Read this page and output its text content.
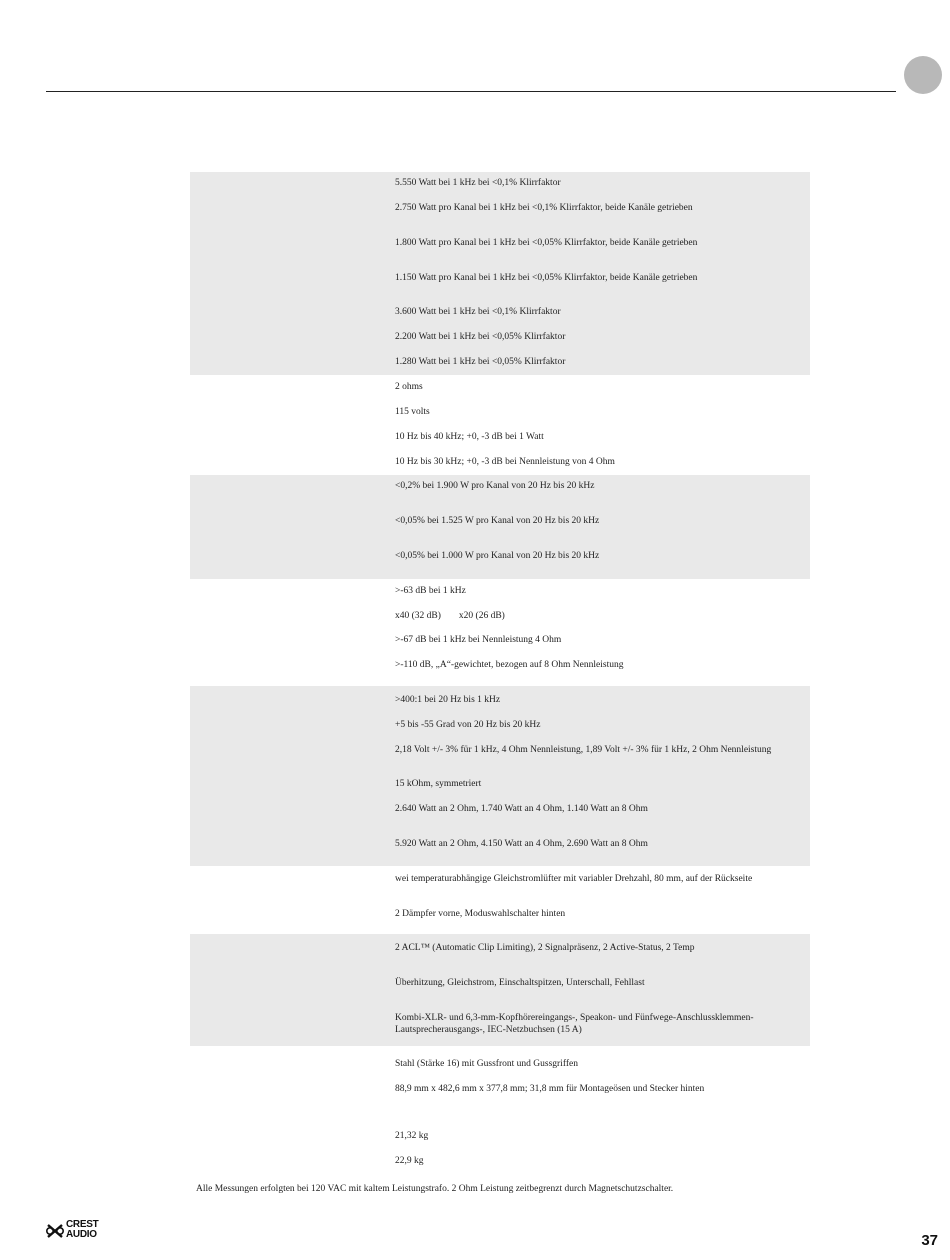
5.550 Watt bei 1 kHz bei <0,1% Klirrfaktor
2.750 Watt pro Kanal bei 1 kHz bei <0,1% Klirrfaktor, beide Kanäle getrieben
1.800 Watt pro Kanal bei 1 kHz bei <0,05% Klirrfaktor, beide Kanäle getrieben
1.150 Watt pro Kanal bei 1 kHz bei <0,05% Klirrfaktor, beide Kanäle getrieben
3.600 Watt bei 1 kHz bei <0,1% Klirrfaktor
2.200 Watt bei 1 kHz bei <0,05% Klirrfaktor
1.280 Watt bei 1 kHz bei <0,05% Klirrfaktor
2 ohms
115 volts
10 Hz bis 40 kHz; +0, -3 dB bei 1 Watt
10 Hz bis 30 kHz; +0, -3 dB bei Nennleistung von 4 Ohm
<0,2% bei 1.900 W pro Kanal von 20 Hz bis 20 kHz
<0,05% bei 1.525 W pro Kanal von 20 Hz bis 20 kHz
<0,05% bei 1.000 W pro Kanal von 20 Hz bis 20 kHz
>-63 dB bei 1 kHz
x40 (32 dB) x20 (26 dB)
>-67 dB bei 1 kHz bei Nennleistung 4 Ohm
>-110 dB, „A“-gewichtet, bezogen auf 8 Ohm Nennleistung
>400:1 bei 20 Hz bis 1 kHz
+5 bis -55 Grad von 20 Hz bis 20 kHz
2,18 Volt +/- 3% für 1 kHz, 4 Ohm Nennleistung, 1,89 Volt +/- 3% für 1 kHz, 2 Ohm Nennleistung
15 kOhm, symmetriert
2.640 Watt an 2 Ohm, 1.740 Watt an 4 Ohm, 1.140 Watt an 8 Ohm
5.920 Watt an 2 Ohm, 4.150 Watt an 4 Ohm, 2.690 Watt an 8 Ohm
wei temperaturabhängige Gleichstromlüfter mit variabler Drehzahl, 80 mm, auf der Rückseite
2 Dämpfer vorne, Moduswahlschalter hinten
2 ACL™ (Automatic Clip Limiting), 2 Signalpräsenz, 2 Active-Status, 2 Temp
Überhitzung, Gleichstrom, Einschaltspitzen, Unterschall, Fehllast
Kombi-XLR- und 6,3-mm-Kopfhörereingangs-, Speakon- und Fünfwege-Anschlussklemmen-Lautsprecherausgangs-, IEC-Netzbuchsen (15 A)
Stahl (Stärke 16) mit Gussfront und Gussgriffen
88,9 mm x 482,6 mm x 377,8 mm; 31,8 mm für Montageösen und Stecker hinten
21,32 kg
22,9 kg
Alle Messungen erfolgten bei 120 VAC mit kaltem Leistungstrafo. 2 Ohm Leistung zeitbegrenzt durch Magnetschutzschalter.
CREST
AUDIO	37
